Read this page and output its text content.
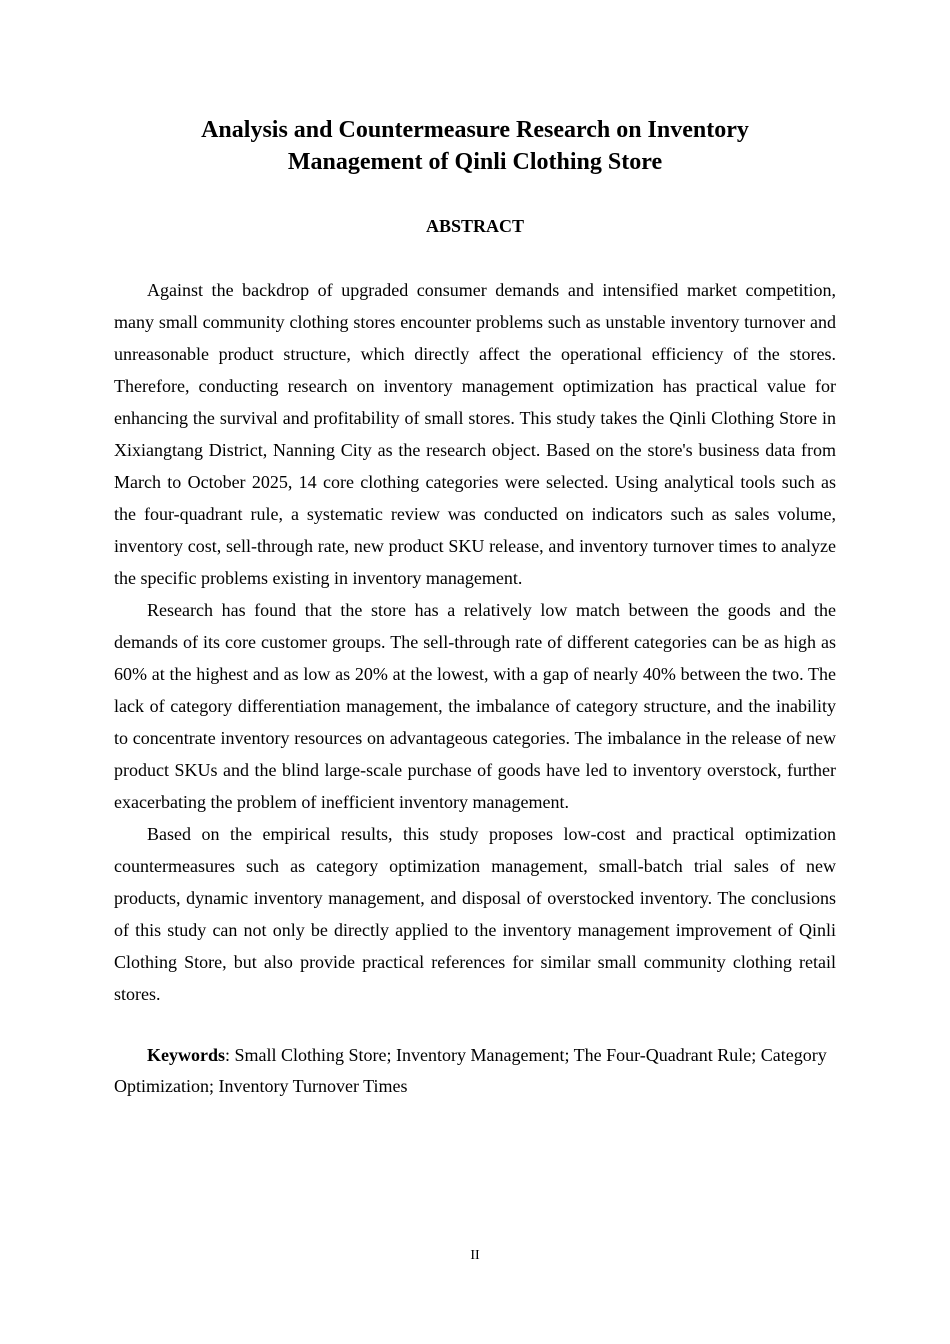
Analysis and Countermeasure Research on Inventory
Management of Qinli Clothing Store
ABSTRACT

Against the backdrop of upgraded consumer demands and intensified market competition, many small community clothing stores encounter problems such as unstable inventory turnover and unreasonable product structure, which directly affect the operational efficiency of the stores. Therefore, conducting research on inventory management optimization has practical value for enhancing the survival and profitability of small stores. This study takes the Qinli Clothing Store in Xixiangtang District, Nanning City as the research object. Based on the store's business data from March to October 2025, 14 core clothing categories were selected. Using analytical tools such as the four-quadrant rule, a systematic review was conducted on indicators such as sales volume, inventory cost, sell-through rate, new product SKU release, and inventory turnover times to analyze the specific problems existing in inventory management.

Research has found that the store has a relatively low match between the goods and the demands of its core customer groups. The sell-through rate of different categories can be as high as 60% at the highest and as low as 20% at the lowest, with a gap of nearly 40% between the two. The lack of category differentiation management, the imbalance of category structure, and the inability to concentrate inventory resources on advantageous categories. The imbalance in the release of new product SKUs and the blind large-scale purchase of goods have led to inventory overstock, further exacerbating the problem of inefficient inventory management.

Based on the empirical results, this study proposes low-cost and practical optimization countermeasures such as category optimization management, small-batch trial sales of new products, dynamic inventory management, and disposal of overstocked inventory. The conclusions of this study can not only be directly applied to the inventory management improvement of Qinli Clothing Store, but also provide practical references for similar small community clothing retail stores.

Keywords: Small Clothing Store; Inventory Management; The Four-Quadrant Rule; Category Optimization; Inventory Turnover Times

II
